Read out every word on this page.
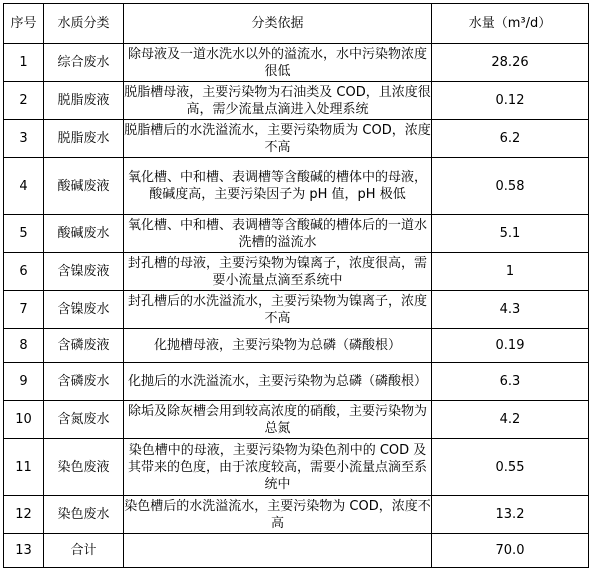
序号	水质分类	分类依据	水量（m³/d）
1	综合废水	除母液及一道水洗水以外的溢流水，水中污染物浓度很低	28.26
2	脱脂废液	脱脂槽母液，主要污染物为石油类及 COD，且浓度很高，需少流量点滴进入处理系统	0.12
3	脱脂废水	脱脂槽后的水洗溢流水，主要污染物质为 COD，浓度不高	6.2
4	酸碱废液	氧化槽、中和槽、表调槽等含酸碱的槽体中的母液，酸碱度高，主要污染因子为 pH 值，pH 极低	0.58
5	酸碱废水	氧化槽、中和槽、表调槽等含酸碱的槽体后的一道水洗槽的溢流水	5.1
6	含镍废液	封孔槽的母液，主要污染物为镍离子，浓度很高，需要小流量点滴至系统中	1
7	含镍废水	封孔槽后的水洗溢流水，主要污染物为镍离子，浓度不高	4.3
8	含磷废液	化抛槽母液，主要污染物为总磷（磷酸根）	0.19
9	含磷废水	化抛后的水洗溢流水，主要污染物为总磷（磷酸根）	6.3
10	含氮废水	除垢及除灰槽会用到较高浓度的硝酸，主要污染物为总氮	4.2
11	染色废液	染色槽中的母液，主要污染物为染色剂中的 COD 及其带来的色度，由于浓度较高，需要小流量点滴至系统中	0.55
12	染色废水	染色槽后的水洗溢流水，主要污染物为 COD，浓度不高	13.2
13	合计		70.0
